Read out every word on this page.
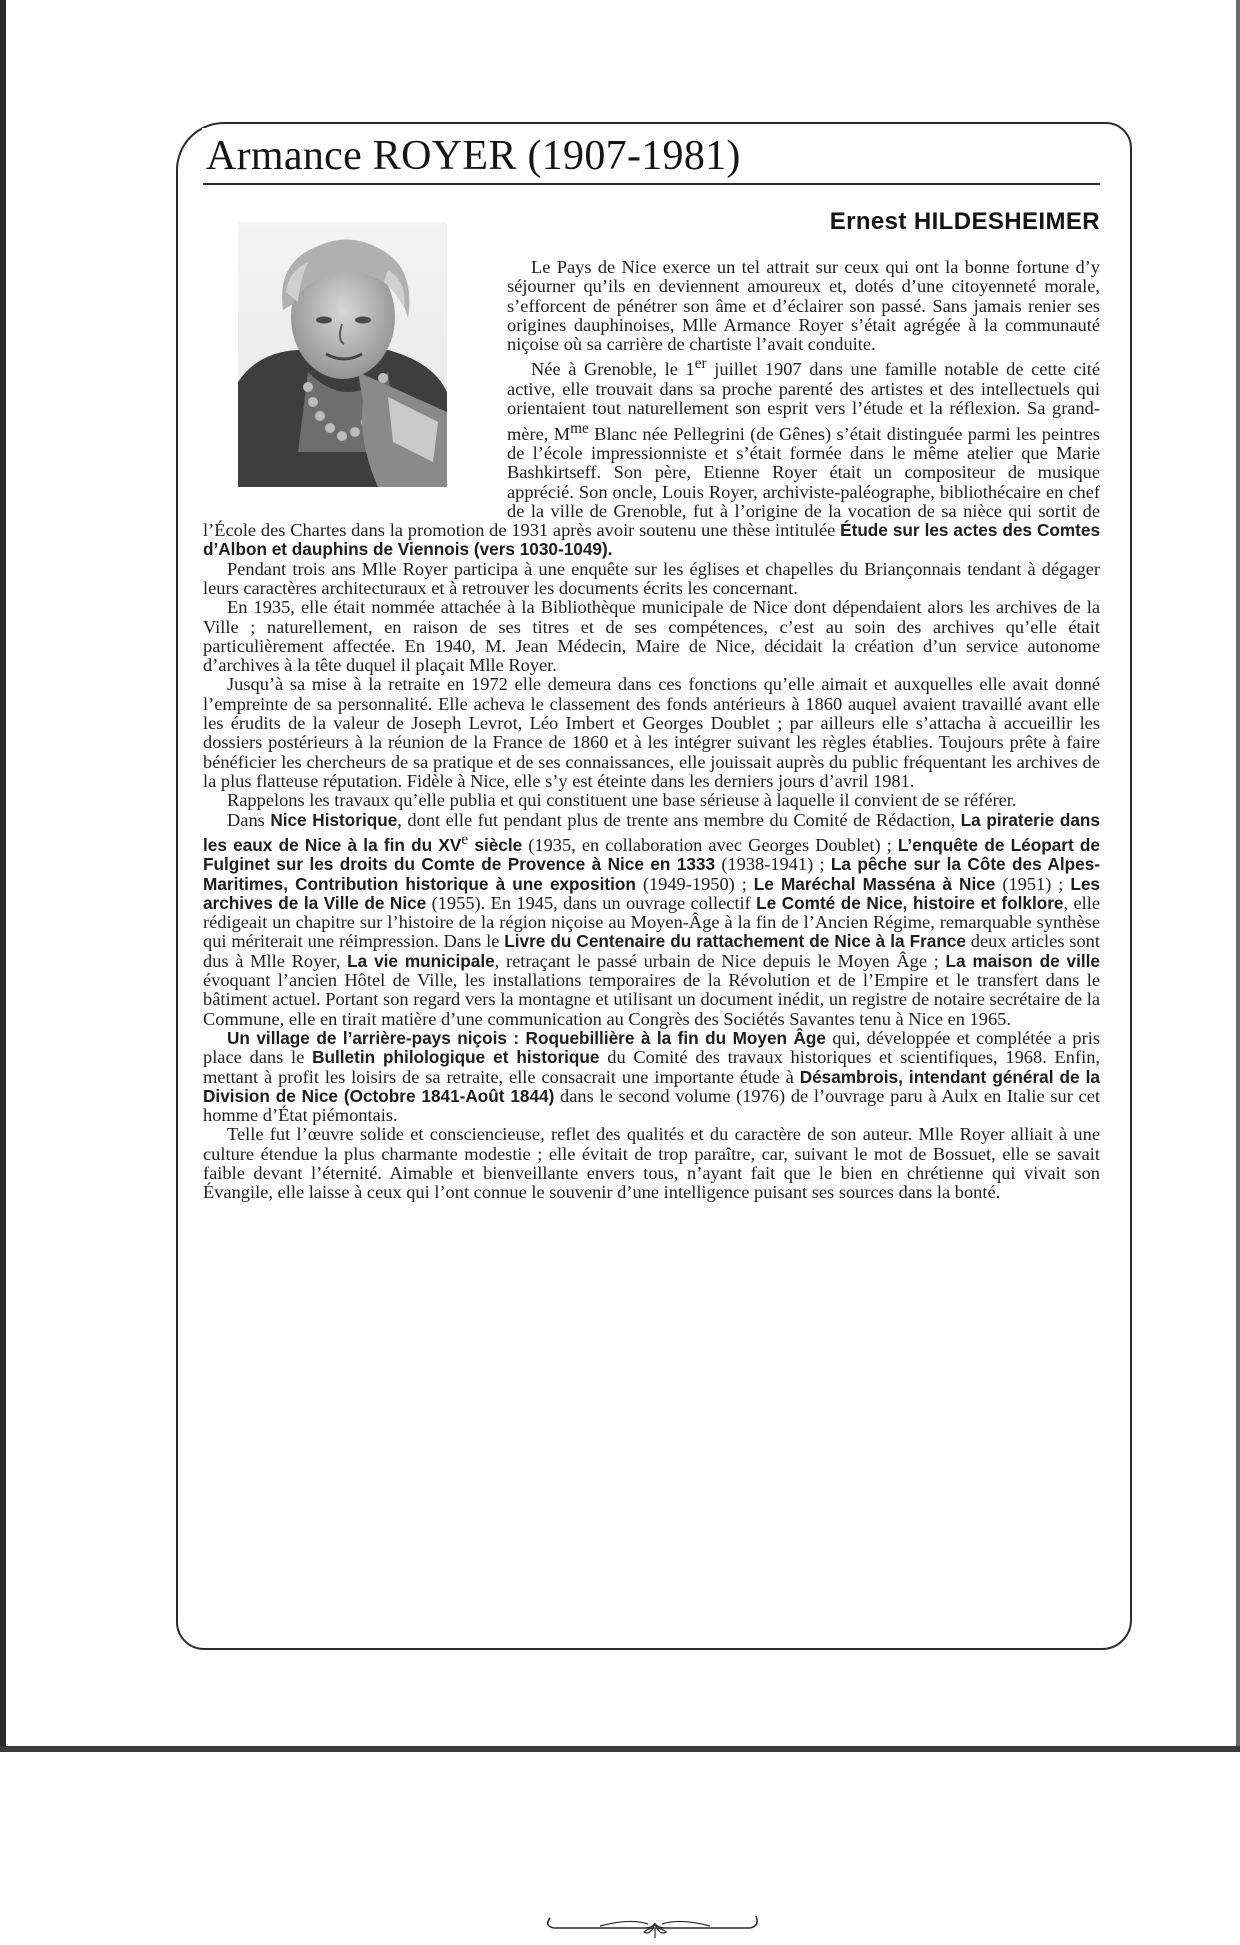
Armance ROYER (1907-1981)
Ernest HILDESHEIMER

Le Pays de Nice exerce un tel attrait sur ceux qui ont la bonne fortune d’y séjourner qu’ils en deviennent amoureux et, dotés d’une citoyenneté morale, s’efforcent de pénétrer son âme et d’éclairer son passé. Sans jamais renier ses origines dauphinoises, Mlle Armance Royer s’était agrégée à la communauté niçoise où sa carrière de chartiste l’avait conduite.

Née à Grenoble, le 1er juillet 1907 dans une famille notable de cette cité active, elle trouvait dans sa proche parenté des artistes et des intellectuels qui orientaient tout naturellement son esprit vers l’étude et la réflexion. Sa grand-mère, $M^{me}$ Blanc née Pellegrini (de Gênes) s’était distinguée parmi les peintres de l’école impressionniste et s’était formée dans le même atelier que Marie Bashkirtseff. Son père, Etienne Royer était un compositeur de musique apprécié. Son oncle, Louis Royer, archiviste-paléographe, bibliothécaire en chef de la ville de Grenoble, fut à l’origine de la vocation de sa nièce qui sortit de l’École des Chartes dans la promotion de 1931 après avoir soutenu une thèse intitulée Étude sur les actes des Comtes d’Albon et dauphins de Viennois (vers 1030-1049).

Pendant trois ans Mlle Royer participa à une enquête sur les églises et chapelles du Briançonnais tendant à dégager leurs caractères architecturaux et à retrouver les documents écrits les concernant.

En 1935, elle était nommée attachée à la Bibliothèque municipale de Nice dont dépendaient alors les archives de la Ville ; naturellement, en raison de ses titres et de ses compétences, c’est au soin des archives qu’elle était particulièrement affectée. En 1940, M. Jean Médecin, Maire de Nice, décidait la création d’un service autonome d’archives à la tête duquel il plaçait Mlle Royer.

Jusqu’à sa mise à la retraite en 1972 elle demeura dans ces fonctions qu’elle aimait et auxquelles elle avait donné l’empreinte de sa personnalité. Elle acheva le classement des fonds antérieurs à 1860 auquel avaient travaillé avant elle les érudits de la valeur de Joseph Levrot, Léo Imbert et Georges Doublet ; par ailleurs elle s’attacha à accueillir les dossiers postérieurs à la réunion de la France de 1860 et à les intégrer suivant les règles établies. Toujours prête à faire bénéficier les chercheurs de sa pratique et de ses connaissances, elle jouissait auprès du public fréquentant les archives de la plus flatteuse réputation. Fidèle à Nice, elle s’y est éteinte dans les derniers jours d’avril 1981.

Rappelons les travaux qu’elle publia et qui constituent une base sérieuse à laquelle il convient de se référer.

Dans Nice Historique, dont elle fut pendant plus de trente ans membre du Comité de Rédaction, La piraterie dans les eaux de Nice à la fin du XVe siècle (1935, en collaboration avec Georges Doublet) ; L’enquête de Léopart de Fulginet sur les droits du Comte de Provence à Nice en 1333 (1938-1941) ; La pêche sur la Côte des Alpes-Maritimes, Contribution historique à une exposition (1949-1950) ; Le Maréchal Masséna à Nice (1951) ; Les archives de la Ville de Nice (1955). En 1945, dans un ouvrage collectif Le Comté de Nice, histoire et folklore, elle rédigeait un chapitre sur l’histoire de la région niçoise au Moyen-Âge à la fin de l’Ancien Régime, remarquable synthèse qui mériterait une réimpression. Dans le Livre du Centenaire du rattachement de Nice à la France deux articles sont dus à Mlle Royer, La vie municipale, retraçant le passé urbain de Nice depuis le Moyen Âge ; La maison de ville évoquant l’ancien Hôtel de Ville, les installations temporaires de la Révolution et de l’Empire et le transfert dans le bâtiment actuel. Portant son regard vers la montagne et utilisant un document inédit, un registre de notaire secrétaire de la Commune, elle en tirait matière d’une communication au Congrès des Sociétés Savantes tenu à Nice en 1965.

Un village de l’arrière-pays niçois : Roquebillière à la fin du Moyen Âge qui, développée et complétée a pris place dans le Bulletin philologique et historique du Comité des travaux historiques et scientifiques, 1968. Enfin, mettant à profit les loisirs de sa retraite, elle consacrait une importante étude à Désambrois, intendant général de la Division de Nice (Octobre 1841-Août 1844) dans le second volume (1976) de l’ouvrage paru à Aulx en Italie sur cet homme d’État piémontais.

Telle fut l’œuvre solide et consciencieuse, reflet des qualités et du caractère de son auteur. Mlle Royer alliait à une culture étendue la plus charmante modestie ; elle évitait de trop paraître, car, suivant le mot de Bossuet, elle se savait faible devant l’éternité. Aimable et bienveillante envers tous, n’ayant fait que le bien en chrétienne qui vivait son Évangile, elle laisse à ceux qui l’ont connue le souvenir d’une intelligence puisant ses sources dans la bonté.
